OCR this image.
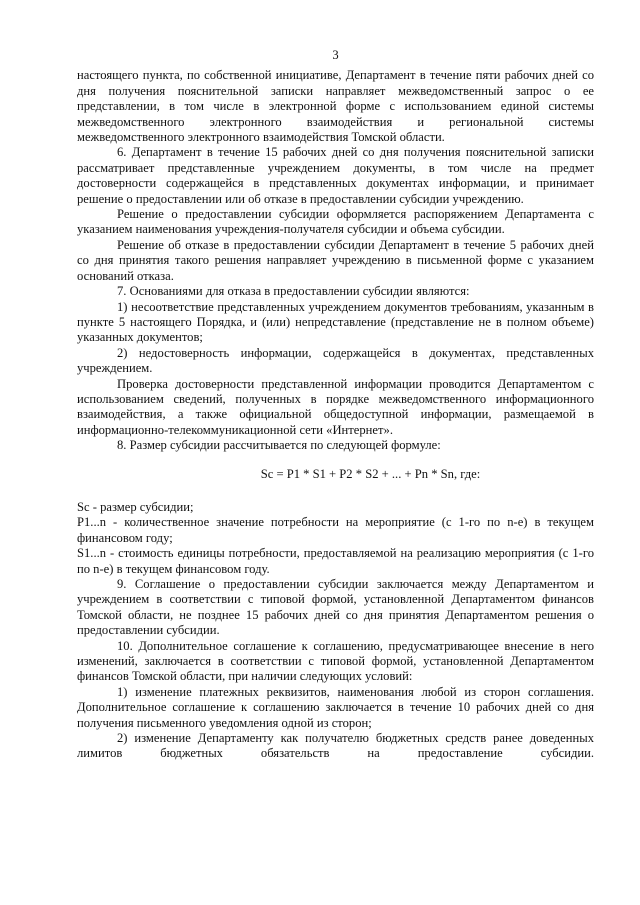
3

настоящего пункта, по собственной инициативе, Департамент в течение пяти рабочих дней со дня получения пояснительной записки направляет межведомственный запрос о ее представлении, в том числе в электронной форме с использованием единой системы межведомственного электронного взаимодействия и региональной системы межведомственного электронного взаимодействия Томской области.

6. Департамент в течение 15 рабочих дней со дня получения пояснительной записки рассматривает представленные учреждением документы, в том числе на предмет достоверности содержащейся в представленных документах информации, и принимает решение о предоставлении или об отказе в предоставлении субсидии учреждению.

Решение о предоставлении субсидии оформляется распоряжением Департамента с указанием наименования учреждения-получателя субсидии и объема субсидии.

Решение об отказе в предоставлении субсидии Департамент в течение 5 рабочих дней со дня принятия такого решения направляет учреждению в письменной форме с указанием оснований отказа.

7. Основаниями для отказа в предоставлении субсидии являются:

1) несоответствие представленных учреждением документов требованиям, указанным в пункте 5 настоящего Порядка, и (или) непредставление (представление не в полном объеме) указанных документов;

2) недостоверность информации, содержащейся в документах, представленных учреждением.

Проверка достоверности представленной информации проводится Департаментом с использованием сведений, полученных в порядке межведомственного информационного взаимодействия, а также официальной общедоступной информации, размещаемой в информационно-телекоммуникационной сети «Интернет».

8. Размер субсидии рассчитывается по следующей формуле:

Sc = P1 * S1 + P2 * S2 + ... + Pn * Sn, где:

Sc - размер субсидии;

P1...n - количественное значение потребности на мероприятие (с 1-го по n-е) в текущем финансовом году;

S1...n - стоимость единицы потребности, предоставляемой на реализацию мероприятия (с 1-го по n-е) в текущем финансовом году.

9. Соглашение о предоставлении субсидии заключается между Департаментом и учреждением в соответствии с типовой формой, установленной Департаментом финансов Томской области, не позднее 15 рабочих дней со дня принятия Департаментом решения о предоставлении субсидии.

10. Дополнительное соглашение к соглашению, предусматривающее внесение в него изменений, заключается в соответствии с типовой формой, установленной Департаментом финансов Томской области, при наличии следующих условий:

1) изменение платежных реквизитов, наименования любой из сторон соглашения. Дополнительное соглашение к соглашению заключается в течение 10 рабочих дней со дня получения письменного уведомления одной из сторон;

2) изменение Департаменту как получателю бюджетных средств ранее доведенных лимитов бюджетных обязательств на предоставление субсидии.
